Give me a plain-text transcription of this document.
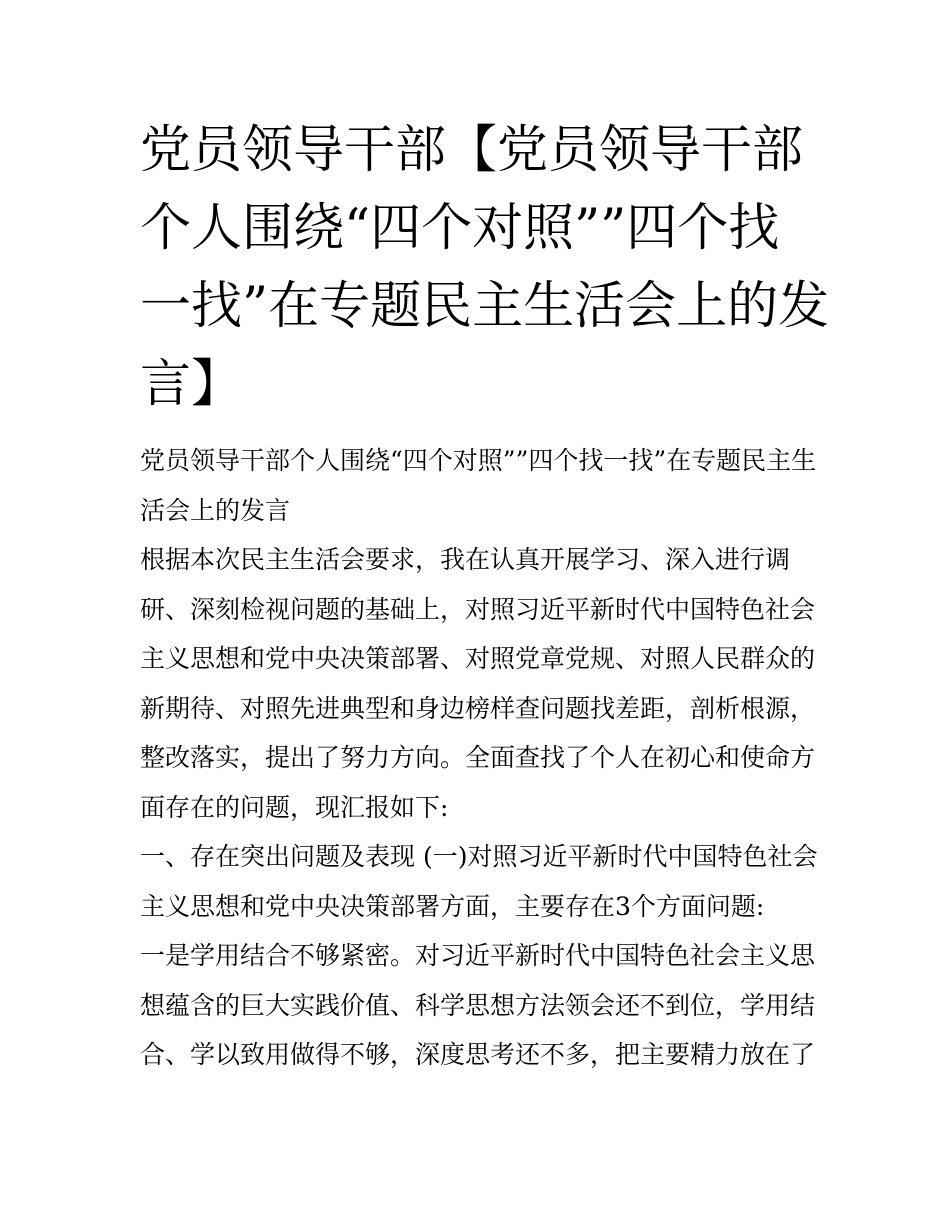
党员领导干部【党员领导干部个人围绕“四个对照””四个找一找”在专题民主生活会上的发言】

党员领导干部个人围绕“四个对照””四个找一找”在专题民主生活会上的发言

根据本次民主生活会要求，我在认真开展学习、深入进行调研、深刻检视问题的基础上，对照习近平新时代中国特色社会主义思想和党中央决策部署、对照党章党规、对照人民群众的新期待、对照先进典型和身边榜样查问题找差距，剖析根源，整改落实，提出了努力方向。全面查找了个人在初心和使命方面存在的问题，现汇报如下:

一、存在突出问题及表现 (一)对照习近平新时代中国特色社会主义思想和党中央决策部署方面，主要存在3个方面问题:

一是学用结合不够紧密。对习近平新时代中国特色社会主义思想蕴含的巨大实践价值、科学思想方法领会还不到位，学用结合、学以致用做得不够，深度思考还不多，把主要精力放在了
